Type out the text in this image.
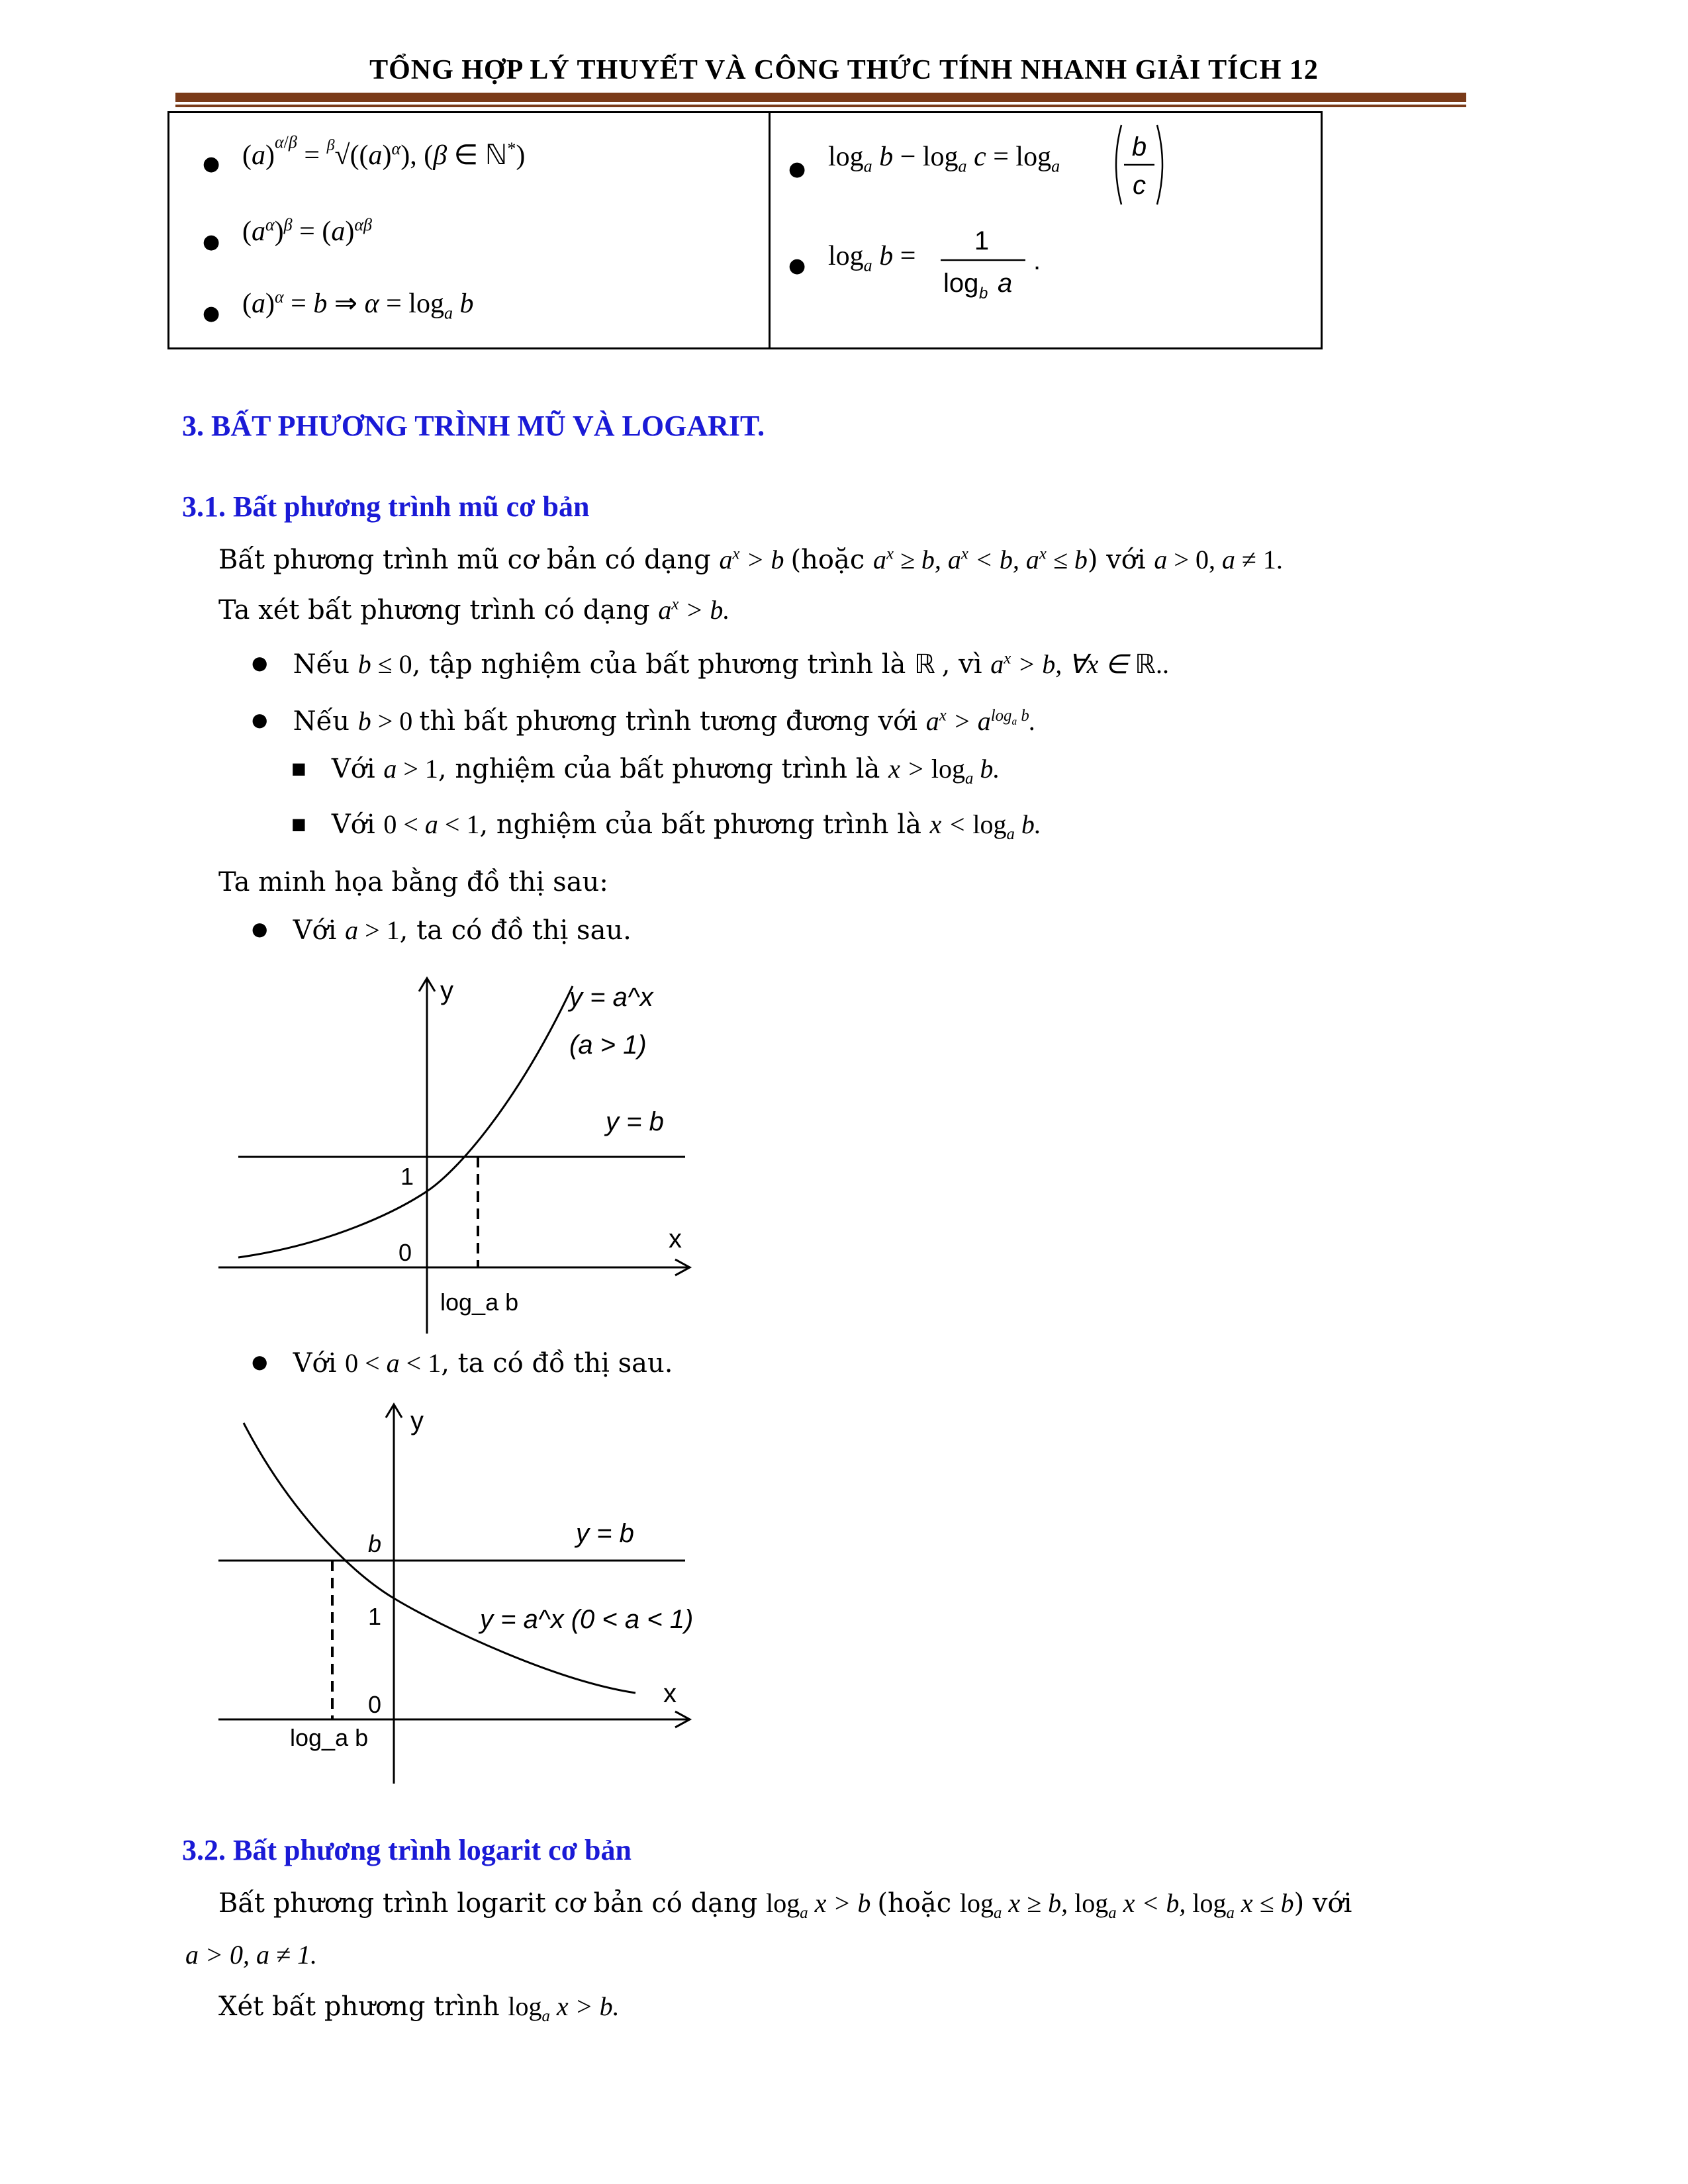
TỔNG HỢP LÝ THUYẾT VÀ CÔNG THỨC TÍNH NHANH GIẢI TÍCH 12
● $(a)^{\alpha/\beta} = ^\beta√((a)^\alpha)$, (β ∈ ℕ*)
● $(a^\alpha)^\beta = (a)^{\alpha\beta}$
● $(a)^\alpha = b$ ⇒ $\alpha = \log_a b$
● $\log_a b - \log_a c = \log_a$
b
c
● $\log_a b = 1$
log b a
.
3. BẤT PHƯƠNG TRÌNH MŨ VÀ LOGARIT.
3.1. Bất phương trình mũ cơ bản
Bất phương trình mũ cơ bản có dạng $a^x > b$ (hoặc $a^x \ge b$, $a^x < b$, $a^x \le b$) với a > 0, a ≠ 1.
Ta xét bất phương trình có dạng $a^x > b$.
● Nếu b ≤ 0, tập nghiệm của bất phương trình là ℝ , vì $a^x > b$, ∀x ∈ ℝ..
● Nếu b > 0 thì bất phương trình tương đương với $a^x > a^{log_a b}$.
■ Với a > 1, nghiệm của bất phương trình là $x > \log_a b$.
■ Với 0 < a < 1, nghiệm của bất phương trình là $x < \log_a b$.
Ta minh họa bằng đồ thị sau:
● Với a > 1, ta có đồ thị sau.
y
x
1
0
y = a^x
(a > 1)
y = b
log_a b
● Với 0 < a < 1, ta có đồ thị sau.
y
x
b
1
0
y = b
y = a^x (0 < a < 1)
log_a b
3.2. Bất phương trình logarit cơ bản
Bất phương trình logarit cơ bản có dạng $\log_a x > b$ (hoặc $\log_a x \ge b$, $\log_a x < b$, $\log_a x \le b$) với
a > 0, a ≠ 1.
Xét bất phương trình $\log_a x > b$.
